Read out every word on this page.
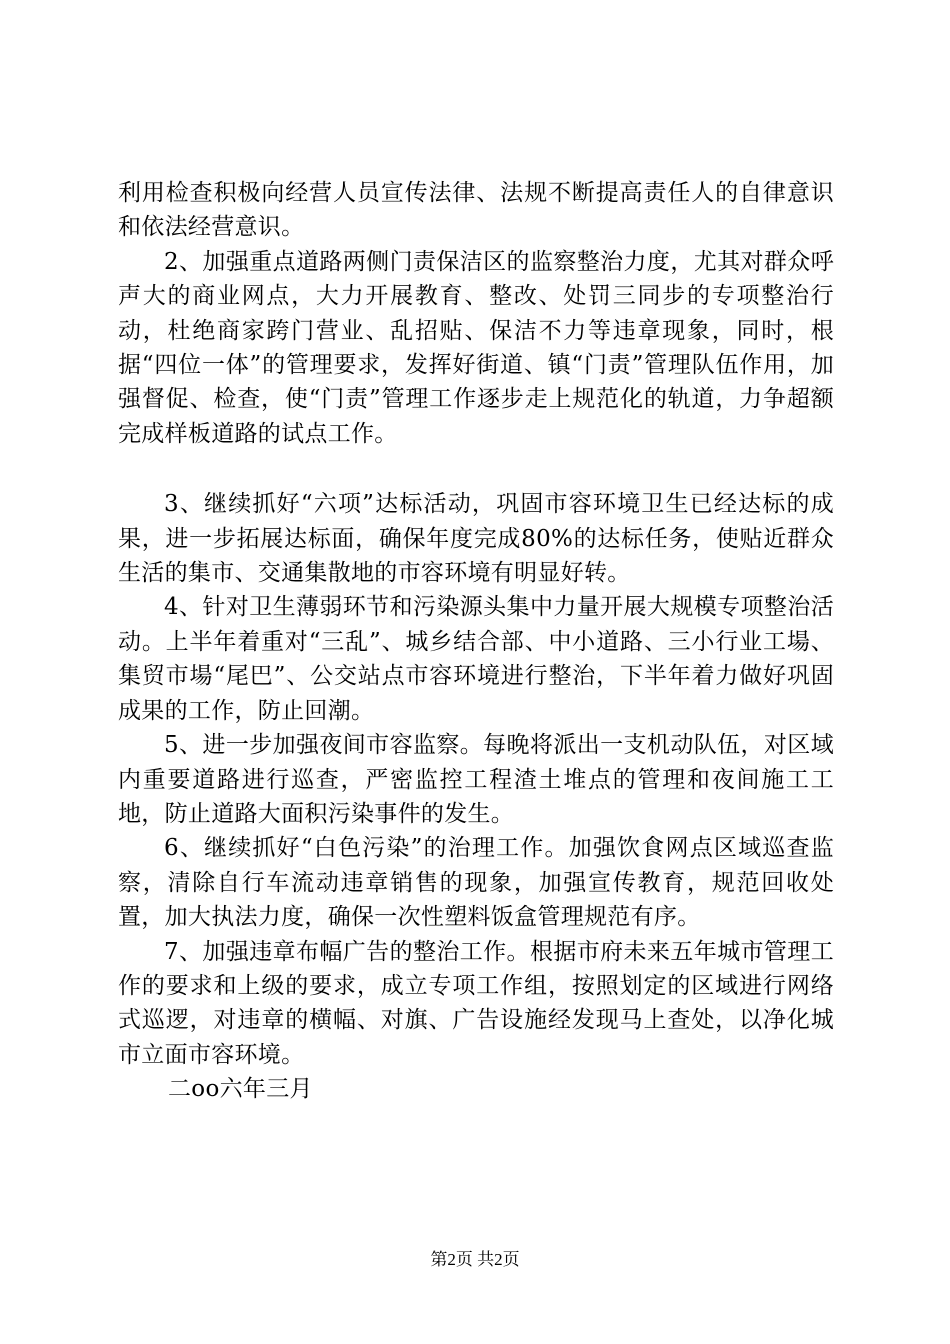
利用检查积极向经营人员宣传法律、法规不断提高责任人的自律意识和依法经营意识。

2、加强重点道路两侧门责保洁区的监察整治力度，尤其对群众呼声大的商业网点，大力开展教育、整改、处罚三同步的专项整治行动，杜绝商家跨门营业、乱招贴、保洁不力等违章现象，同时，根据“四位一体”的管理要求，发挥好街道、镇“门责”管理队伍作用，加强督促、检查，使“门责”管理工作逐步走上规范化的轨道，力争超额完成样板道路的试点工作。

3、继续抓好“六项”达标活动，巩固市容环境卫生已经达标的成果，进一步拓展达标面，确保年度完成80%的达标任务，使贴近群众生活的集市、交通集散地的市容环境有明显好转。

4、针对卫生薄弱环节和污染源头集中力量开展大规模专项整治活动。上半年着重对“三乱”、城乡结合部、中小道路、三小行业工場、集贸市場“尾巴”、公交站点市容环境进行整治，下半年着力做好巩固成果的工作，防止回潮。

5、进一步加强夜间市容监察。每晚将派出一支机动队伍，对区域内重要道路进行巡查，严密监控工程渣土堆点的管理和夜间施工工地，防止道路大面积污染事件的发生。

6、继续抓好“白色污染”的治理工作。加强饮食网点区域巡查监察，清除自行车流动违章销售的现象，加强宣传教育，规范回收处置，加大执法力度，确保一次性塑料饭盒管理规范有序。

7、加强违章布幅广告的整治工作。根据市府未来五年城市管理工作的要求和上级的要求，成立专项工作组，按照划定的区域进行网络式巡逻，对违章的横幅、对旗、广告设施经发现马上查处，以净化城市立面市容环境。

二oo六年三月

第2页 共2页
